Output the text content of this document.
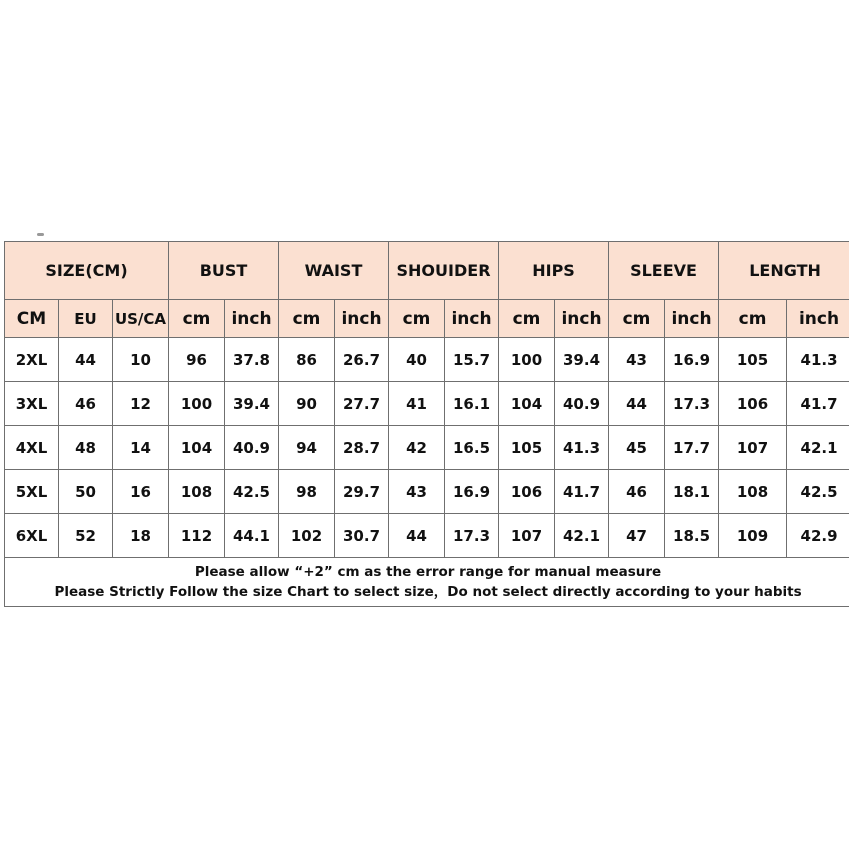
SIZE(CM)			BUST		WAIST		SHOUIDER		HIPS		SLEEVE		LENGTH	
CM	EU	US/CA	cm	inch	cm	inch	cm	inch	cm	inch	cm	inch	cm	inch
2XL	44	10	96	37.8	86	26.7	40	15.7	100	39.4	43	16.9	105	41.3
3XL	46	12	100	39.4	90	27.7	41	16.1	104	40.9	44	17.3	106	41.7
4XL	48	14	104	40.9	94	28.7	42	16.5	105	41.3	45	17.7	107	42.1
5XL	50	16	108	42.5	98	29.7	43	16.9	106	41.7	46	18.1	108	42.5
6XL	52	18	112	44.1	102	30.7	44	17.3	107	42.1	47	18.5	109	42.9

Please allow “+2” cm as the error range for manual measure
Please Strictly Follow the size Chart to select size，Do not select directly according to your habits														
